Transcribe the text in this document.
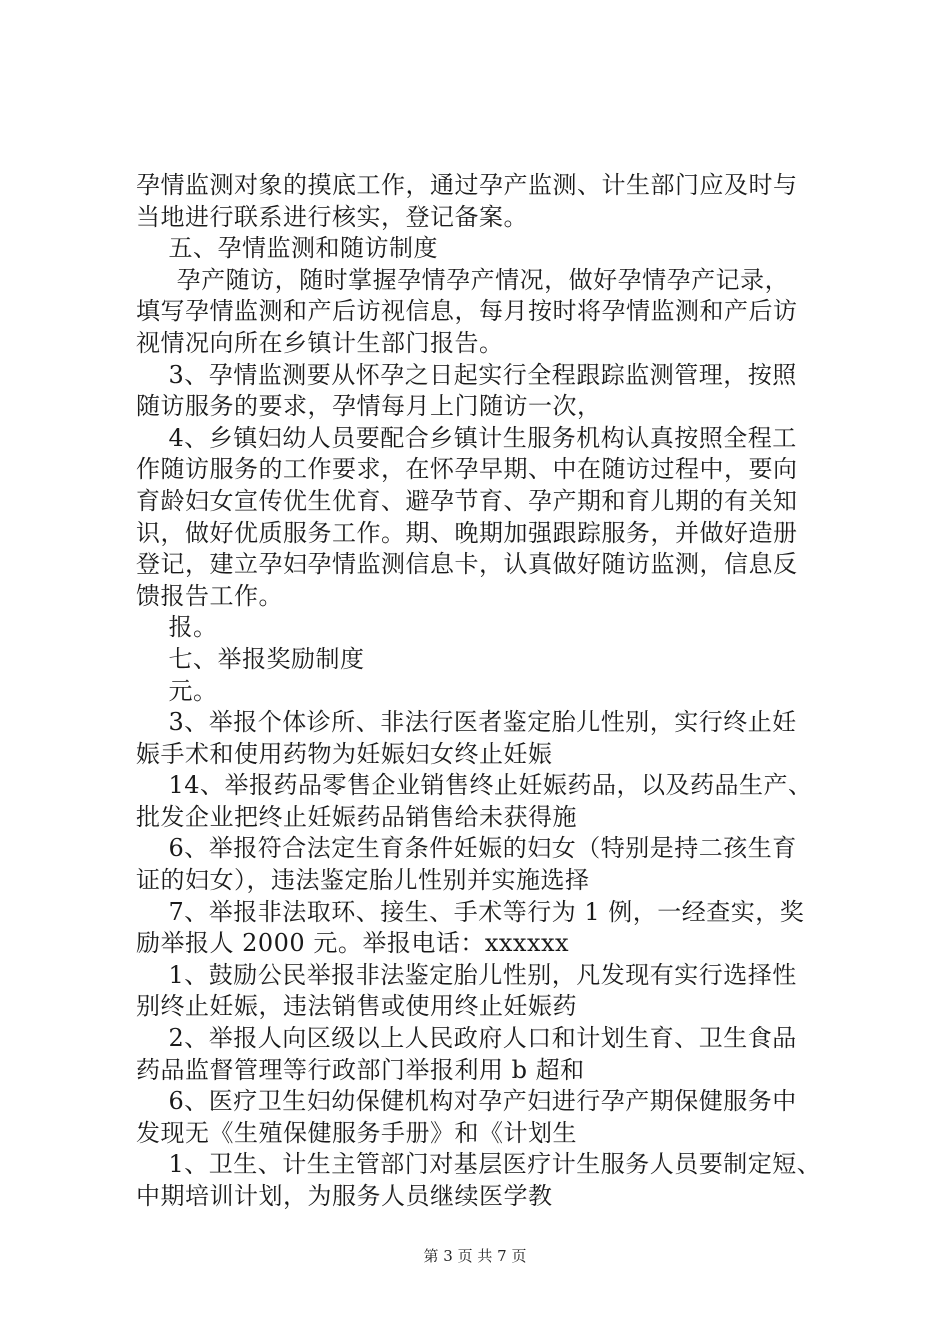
孕情监测对象的摸底工作，通过孕产监测、计生部门应及时与

当地进行联系进行核实，登记备案。

五、孕情监测和随访制度

孕产随访，随时掌握孕情孕产情况，做好孕情孕产记录，

填写孕情监测和产后访视信息，每月按时将孕情监测和产后访

视情况向所在乡镇计生部门报告。

3、孕情监测要从怀孕之日起实行全程跟踪监测管理，按照

随访服务的要求，孕情每月上门随访一次，

4、乡镇妇幼人员要配合乡镇计生服务机构认真按照全程工

作随访服务的工作要求，在怀孕早期、中在随访过程中，要向

育龄妇女宣传优生优育、避孕节育、孕产期和育儿期的有关知

识，做好优质服务工作。期、晚期加强跟踪服务，并做好造册

登记，建立孕妇孕情监测信息卡，认真做好随访监测，信息反

馈报告工作。

报。

七、举报奖励制度

元。

3、举报个体诊所、非法行医者鉴定胎儿性别，实行终止妊

娠手术和使用药物为妊娠妇女终止妊娠

14、举报药品零售企业销售终止妊娠药品，以及药品生产、

批发企业把终止妊娠药品销售给未获得施

6、举报符合法定生育条件妊娠的妇女（特别是持二孩生育

证的妇女），违法鉴定胎儿性别并实施选择

7、举报非法取环、接生、手术等行为 1 例，一经查实，奖

励举报人 2000 元。举报电话：xxxxxx

1、鼓励公民举报非法鉴定胎儿性别，凡发现有实行选择性

别终止妊娠，违法销售或使用终止妊娠药

2、举报人向区级以上人民政府人口和计划生育、卫生食品

药品监督管理等行政部门举报利用 b 超和

6、医疗卫生妇幼保健机构对孕产妇进行孕产期保健服务中

发现无《生殖保健服务手册》和《计划生

1、卫生、计生主管部门对基层医疗计生服务人员要制定短、

中期培训计划，为服务人员继续医学教

第 3 页 共 7 页
